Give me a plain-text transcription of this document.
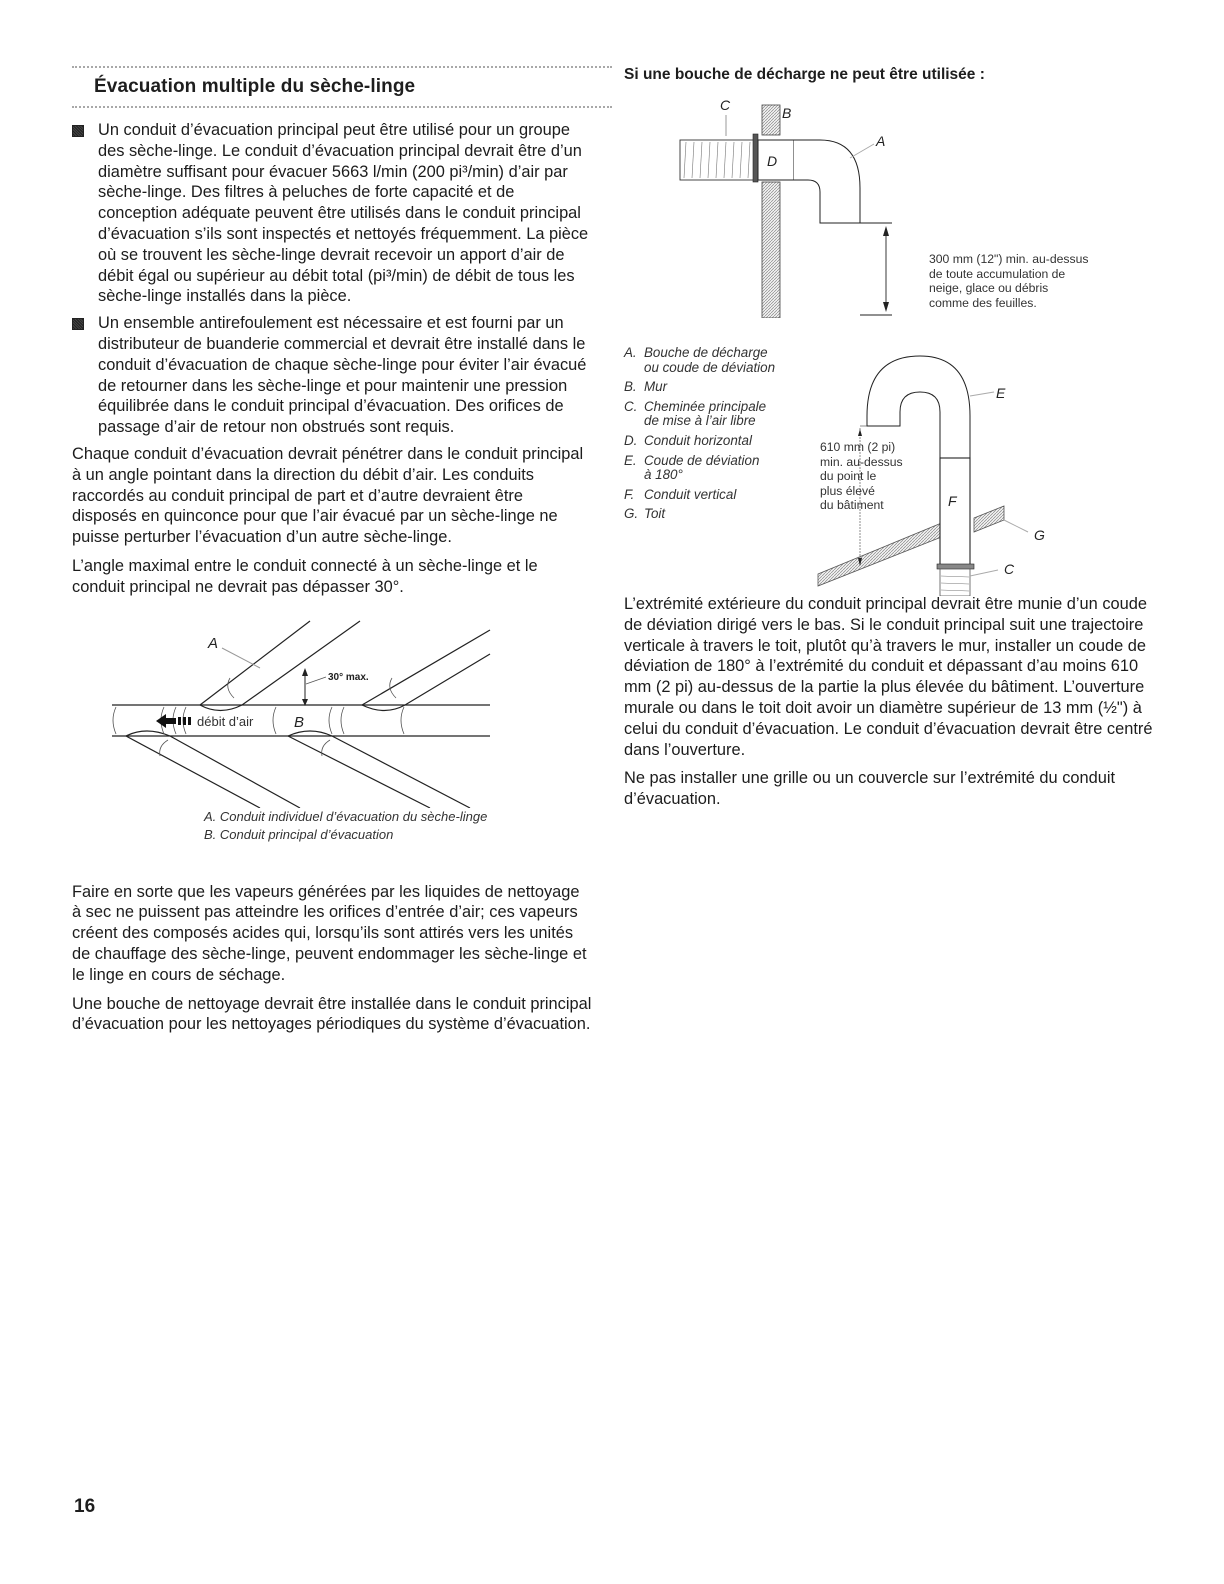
Évacuation multiple du sèche-linge

Un conduit d’évacuation principal peut être utilisé pour un groupe des sèche-linge. Le conduit d’évacuation principal devrait être d’un diamètre suffisant pour évacuer 5663 l/min (200 pi³/min) d’air par sèche-linge. Des filtres à peluches de forte capacité et de conception adéquate peuvent être utilisés dans le conduit principal d’évacuation s’ils sont inspectés et nettoyés fréquemment. La pièce où se trouvent les sèche-linge devrait recevoir un apport d’air de débit égal ou supérieur au débit total (pi³/min) de débit de tous les sèche-linge installés dans la pièce.

Un ensemble antirefoulement est nécessaire et est fourni par un distributeur de buanderie commercial et devrait être installé dans le conduit d’évacuation de chaque sèche-linge pour éviter l’air évacué de retourner dans les sèche-linge et pour maintenir une pression équilibrée dans le conduit principal d’évacuation. Des orifices de passage d’air de retour non obstrués sont requis.

Chaque conduit d’évacuation devrait pénétrer dans le conduit principal à un angle pointant dans la direction du débit d’air. Les conduits raccordés au conduit principal de part et d’autre devraient être disposés en quinconce pour que l’air évacué par un sèche-linge ne puisse perturber l’évacuation d’un autre sèche-linge.

L’angle maximal entre le conduit connecté à un sèche-linge et le conduit principal ne devrait pas dépasser 30°.

A
30° max.
débit d’air	B
A. Conduit individuel d’évacuation du sèche-linge
B. Conduit principal d’évacuation

Faire en sorte que les vapeurs générées par les liquides de nettoyage à sec ne puissent pas atteindre les orifices d’entrée d’air; ces vapeurs créent des composés acides qui, lorsqu’ils sont attirés vers les unités de chauffage des sèche-linge, peuvent endommager les sèche-linge et le linge en cours de séchage.

Une bouche de nettoyage devrait être installée dans le conduit principal d’évacuation pour les nettoyages périodiques du système d’évacuation.

Si une bouche de décharge ne peut être utilisée :
C	B
A
D
300 mm (12") min. au-dessus
de toute accumulation de
neige, glace ou débris
comme des feuilles.
A. Bouche de décharge
ou coude de déviation
B. Mur
C. Cheminée principale
de mise à l’air libre
D. Conduit horizontal
E. Coude de déviation
à 180°
F. Conduit vertical
G. Toit
E
F
G
C
610 mm (2 pi)
min. au-dessus
du point le
plus élevé
du bâtiment

L’extrémité extérieure du conduit principal devrait être munie d’un coude de déviation dirigé vers le bas. Si le conduit principal suit une trajectoire verticale à travers le toit, plutôt qu’à travers le mur, installer un coude de déviation de 180° à l’extrémité du conduit et dépassant d’au moins 610 mm (2 pi) au-dessus de la partie la plus élevée du bâtiment. L’ouverture murale ou dans le toit doit avoir un diamètre supérieur de 13 mm (½") à celui du conduit d’évacuation. Le conduit d’évacuation devrait être centré dans l’ouverture.

Ne pas installer une grille ou un couvercle sur l’extrémité du conduit d’évacuation.

16
